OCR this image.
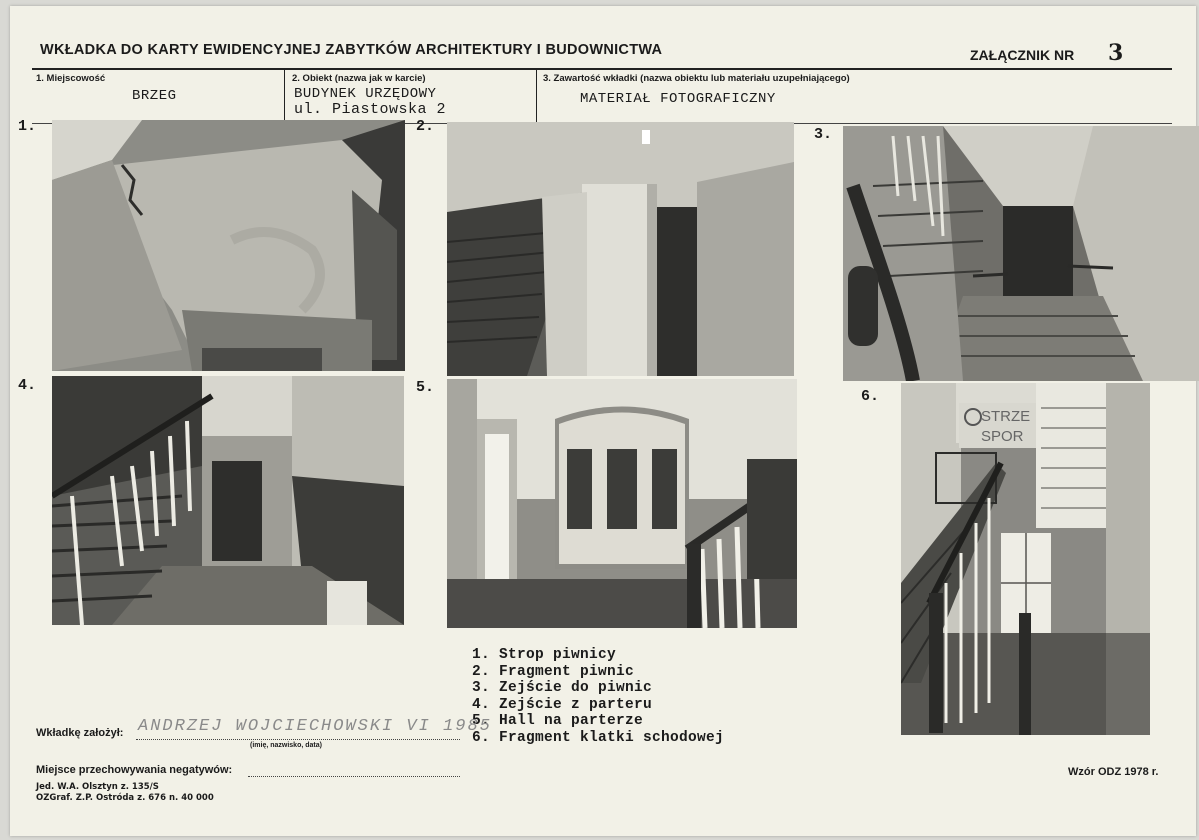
WKŁADKA DO KARTY EWIDENCYJNEJ ZABYTKÓW ARCHITEKTURY I BUDOWNICTWA	ZAŁĄCZNIK NR 3
1. Miejscowość
BRZEG
2. Obiekt (nazwa jak w karcie)
BUDYNEK URZĘDOWY
ul. Piastowska 2
3. Zawartość wkładki (nazwa obiektu lub materiału uzupełniającego)
MATERIAŁ FOTOGRAFICZNY
1.	2.	3.
4.	5.
6.
STRZE
SPOR
1. Strop piwnicy
2. Fragment piwnic
3. Zejście do piwnic
4. Zejście z parteru
5. Hall na parterze
6. Fragment klatki schodowej
Wkładkę założył: ANDRZEJ WOJCIECHOWSKI VI 1985
(imię, nazwisko, data)
Miejsce przechowywania negatywów:
Jed. W.A. Olsztyn z. 135/S
OZGraf. Z.P. Ostróda z. 676 n. 40 000
Wzór ODZ 1978 r.
